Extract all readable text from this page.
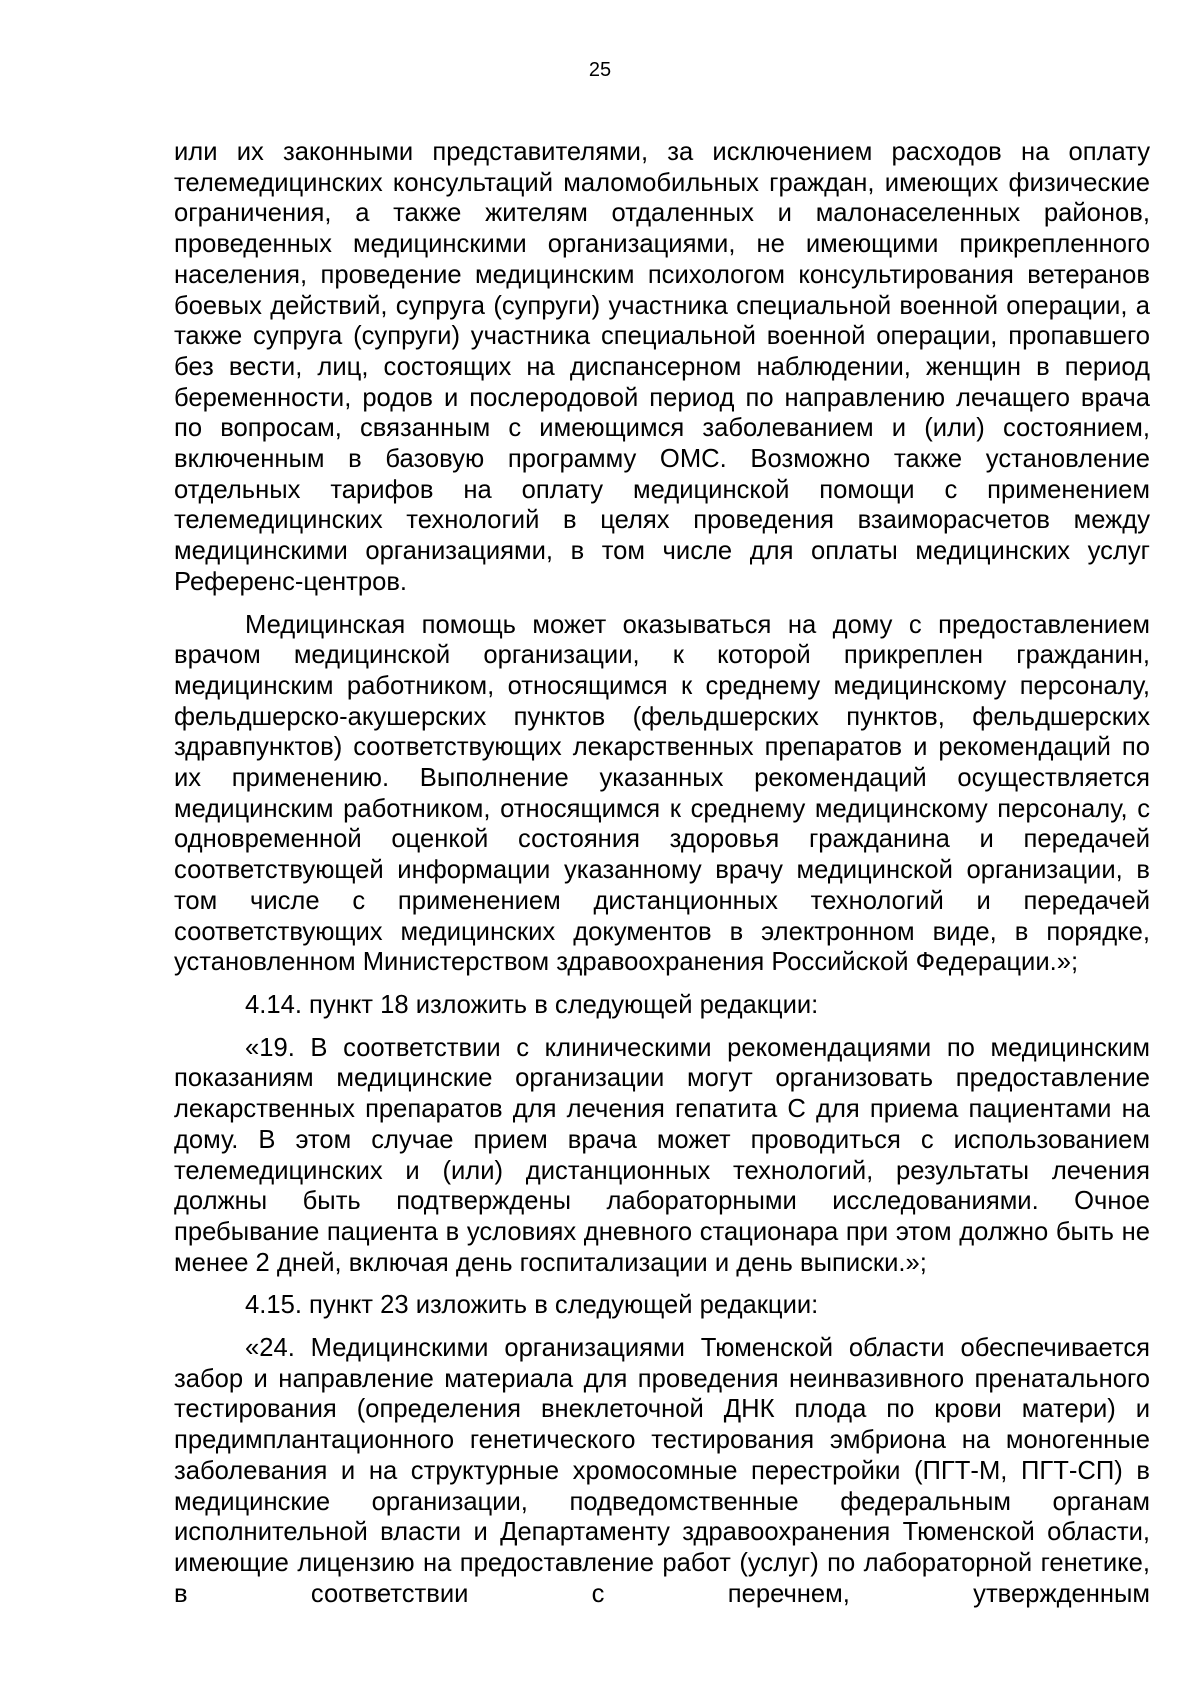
25

или их законными представителями, за исключением расходов на оплату телемедицинских консультаций маломобильных граждан, имеющих физические ограничения, а также жителям отдаленных и малонаселенных районов, проведенных медицинскими организациями, не имеющими прикрепленного населения, проведение медицинским психологом консультирования ветеранов боевых действий, супруга (супруги) участника специальной военной операции, а также супруга (супруги) участника специальной военной операции, пропавшего без вести, лиц, состоящих на диспансерном наблюдении, женщин в период беременности, родов и послеродовой период по направлению лечащего врача по вопросам, связанным с имеющимся заболеванием и (или) состоянием, включенным в базовую программу ОМС. Возможно также установление отдельных тарифов на оплату медицинской помощи с применением телемедицинских технологий в целях проведения взаиморасчетов между медицинскими организациями, в том числе для оплаты медицинских услуг Референс-центров.

Медицинская помощь может оказываться на дому с предоставлением врачом медицинской организации, к которой прикреплен гражданин, медицинским работником, относящимся к среднему медицинскому персоналу, фельдшерско-акушерских пунктов (фельдшерских пунктов, фельдшерских здравпунктов) соответствующих лекарственных препаратов и рекомендаций по их применению. Выполнение указанных рекомендаций осуществляется медицинским работником, относящимся к среднему медицинскому персоналу, с одновременной оценкой состояния здоровья гражданина и передачей соответствующей информации указанному врачу медицинской организации, в том числе с применением дистанционных технологий и передачей соответствующих медицинских документов в электронном виде, в порядке, установленном Министерством здравоохранения Российской Федерации.»;

4.14. пункт 18 изложить в следующей редакции:

«19. В соответствии с клиническими рекомендациями по медицинским показаниям медицинские организации могут организовать предоставление лекарственных препаратов для лечения гепатита С для приема пациентами на дому. В этом случае прием врача может проводиться с использованием телемедицинских и (или) дистанционных технологий, результаты лечения должны быть подтверждены лабораторными исследованиями. Очное пребывание пациента в условиях дневного стационара при этом должно быть не менее 2 дней, включая день госпитализации и день выписки.»;

4.15. пункт 23 изложить в следующей редакции:

«24. Медицинскими организациями Тюменской области обеспечивается забор и направление материала для проведения неинвазивного пренатального тестирования (определения внеклеточной ДНК плода по крови матери) и предимплантационного генетического тестирования эмбриона на моногенные заболевания и на структурные хромосомные перестройки (ПГТ-М, ПГТ-СП) в медицинские организации, подведомственные федеральным органам исполнительной власти и Департаменту здравоохранения Тюменской области, имеющие лицензию на предоставление работ (услуг) по лабораторной генетике, в соответствии с перечнем, утвержденным
